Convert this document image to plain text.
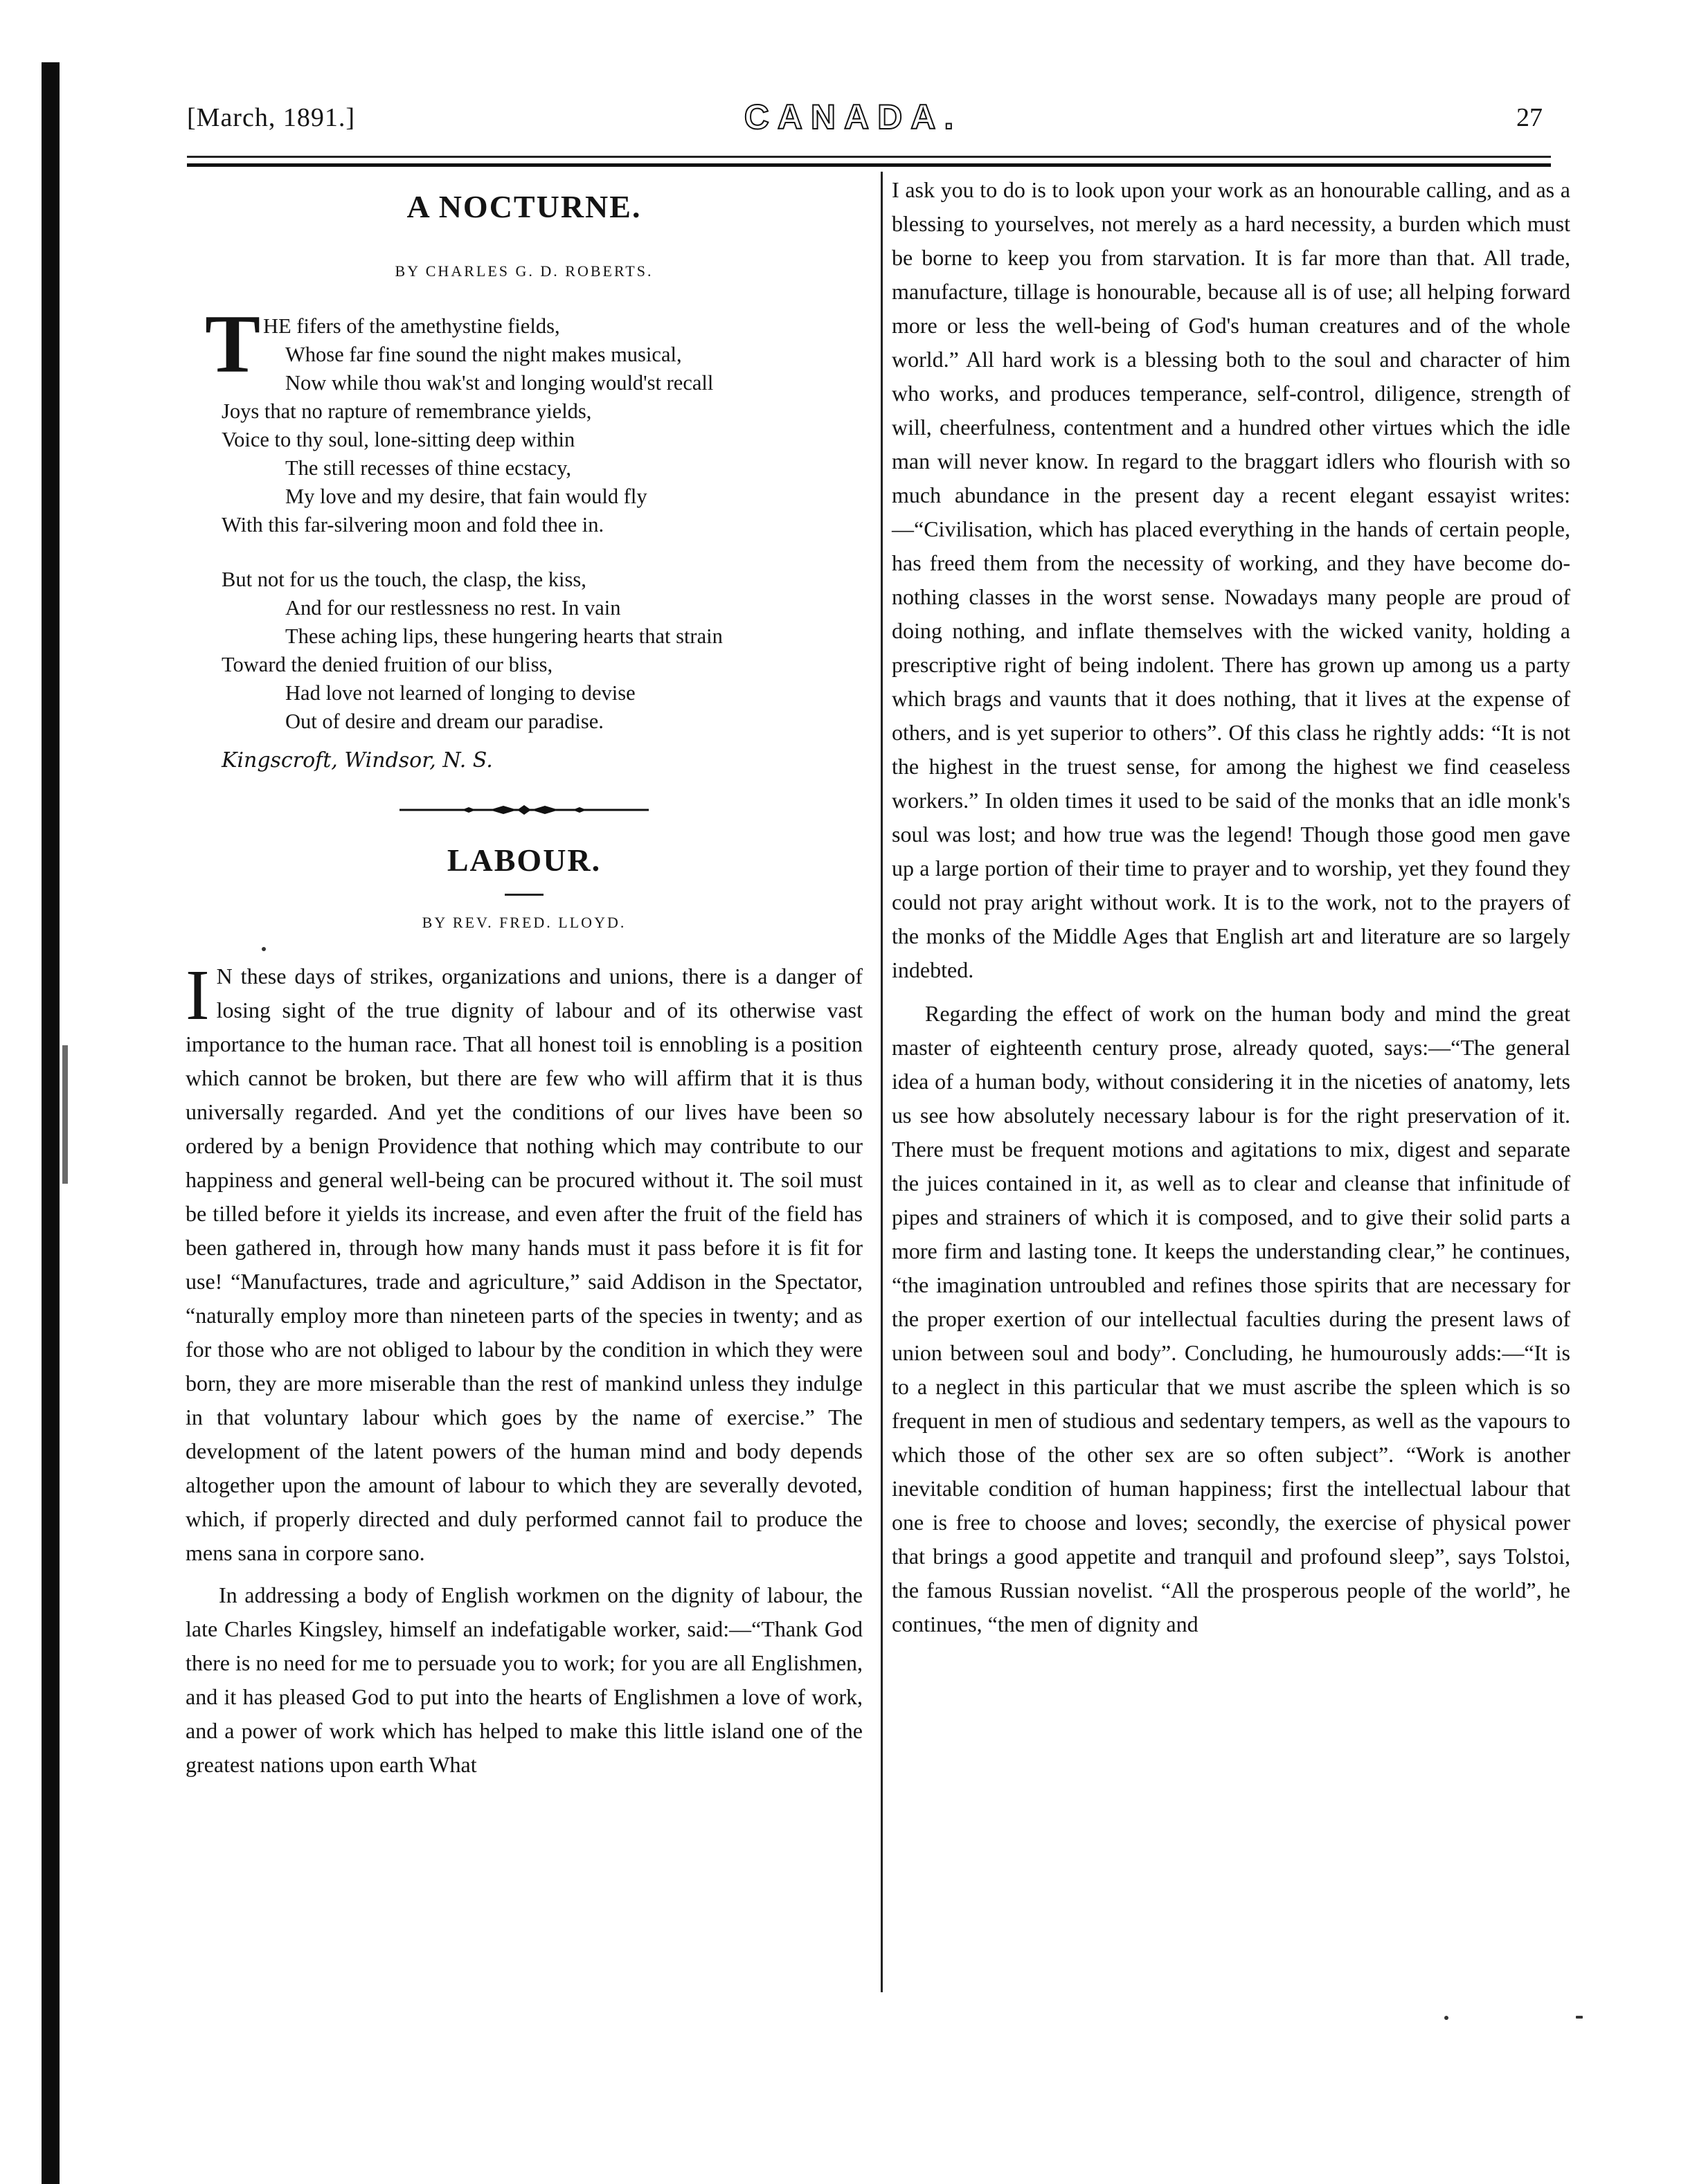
[March, 1891.]	CANADA.	27
A NOCTURNE.

BY CHARLES G. D. ROBERTS.

T HE fifers of the amethystine fields,
Whose far fine sound the night makes musical,
Now while thou wak'st and longing would'st recall
Joys that no rapture of remembrance yields,
Voice to thy soul, lone-sitting deep within
The still recesses of thine ecstacy,
My love and my desire, that fain would fly
With this far-silvering moon and fold thee in.
But not for us the touch, the clasp, the kiss,
And for our restlessness no rest. In vain
These aching lips, these hungering hearts that strain
Toward the denied fruition of our bliss,
Had love not learned of longing to devise
Out of desire and dream our paradise.
Kingscroft, Windsor, N. S.
LABOUR.

BY REV. FRED. LLOYD.

I N these days of strikes, organizations and unions, there is a danger of losing sight of the true dignity of labour and of its otherwise vast importance to the human race. That all honest toil is ennobling is a position which cannot be broken, but there are few who will affirm that it is thus universally regarded. And yet the conditions of our lives have been so ordered by a benign Providence that nothing which may contribute to our happiness and general well-being can be procured without it. The soil must be tilled before it yields its increase, and even after the fruit of the field has been gathered in, through how many hands must it pass before it is fit for use! “Manufactures, trade and agriculture,” said Addison in the Spectator, “naturally employ more than nineteen parts of the species in twenty; and as for those who are not obliged to labour by the condition in which they were born, they are more miserable than the rest of mankind unless they indulge in that voluntary labour which goes by the name of exercise.” The development of the latent powers of the human mind and body depends altogether upon the amount of labour to which they are severally devoted, which, if properly directed and duly performed cannot fail to produce the mens sana in corpore sano.

In addressing a body of English workmen on the dignity of labour, the late Charles Kingsley, himself an indefatigable worker, said:—“Thank God there is no need for me to persuade you to work; for you are all Englishmen, and it has pleased God to put into the hearts of Englishmen a love of work, and a power of work which has helped to make this little island one of the greatest nations upon earth What

I ask you to do is to look upon your work as an honourable calling, and as a blessing to yourselves, not merely as a hard necessity, a burden which must be borne to keep you from starvation. It is far more than that. All trade, manufacture, tillage is honourable, because all is of use; all helping forward more or less the well-being of God's human creatures and of the whole world.” All hard work is a blessing both to the soul and character of him who works, and produces temperance, self-control, diligence, strength of will, cheerfulness, contentment and a hundred other virtues which the idle man will never know. In regard to the braggart idlers who flourish with so much abundance in the present day a recent elegant essayist writes:—“Civilisation, which has placed everything in the hands of certain people, has freed them from the necessity of working, and they have become do-nothing classes in the worst sense. Nowadays many people are proud of doing nothing, and inflate themselves with the wicked vanity, holding a prescriptive right of being indolent. There has grown up among us a party which brags and vaunts that it does nothing, that it lives at the expense of others, and is yet superior to others”. Of this class he rightly adds: “It is not the highest in the truest sense, for among the highest we find ceaseless workers.” In olden times it used to be said of the monks that an idle monk's soul was lost; and how true was the legend! Though those good men gave up a large portion of their time to prayer and to worship, yet they found they could not pray aright without work. It is to the work, not to the prayers of the monks of the Middle Ages that English art and literature are so largely indebted.

Regarding the effect of work on the human body and mind the great master of eighteenth century prose, already quoted, says:—“The general idea of a human body, without considering it in the niceties of anatomy, lets us see how absolutely necessary labour is for the right preservation of it. There must be frequent motions and agitations to mix, digest and separate the juices contained in it, as well as to clear and cleanse that infinitude of pipes and strainers of which it is composed, and to give their solid parts a more firm and lasting tone. It keeps the understanding clear,” he continues, “the imagination untroubled and refines those spirits that are necessary for the proper exertion of our intellectual faculties during the present laws of union between soul and body”. Concluding, he humourously adds:—“It is to a neglect in this particular that we must ascribe the spleen which is so frequent in men of studious and sedentary tempers, as well as the vapours to which those of the other sex are so often subject”. “Work is another inevitable condition of human happiness; first the intellectual labour that one is free to choose and loves; secondly, the exercise of physical power that brings a good appetite and tranquil and profound sleep”, says Tolstoi, the famous Russian novelist. “All the prosperous people of the world”, he continues, “the men of dignity and
